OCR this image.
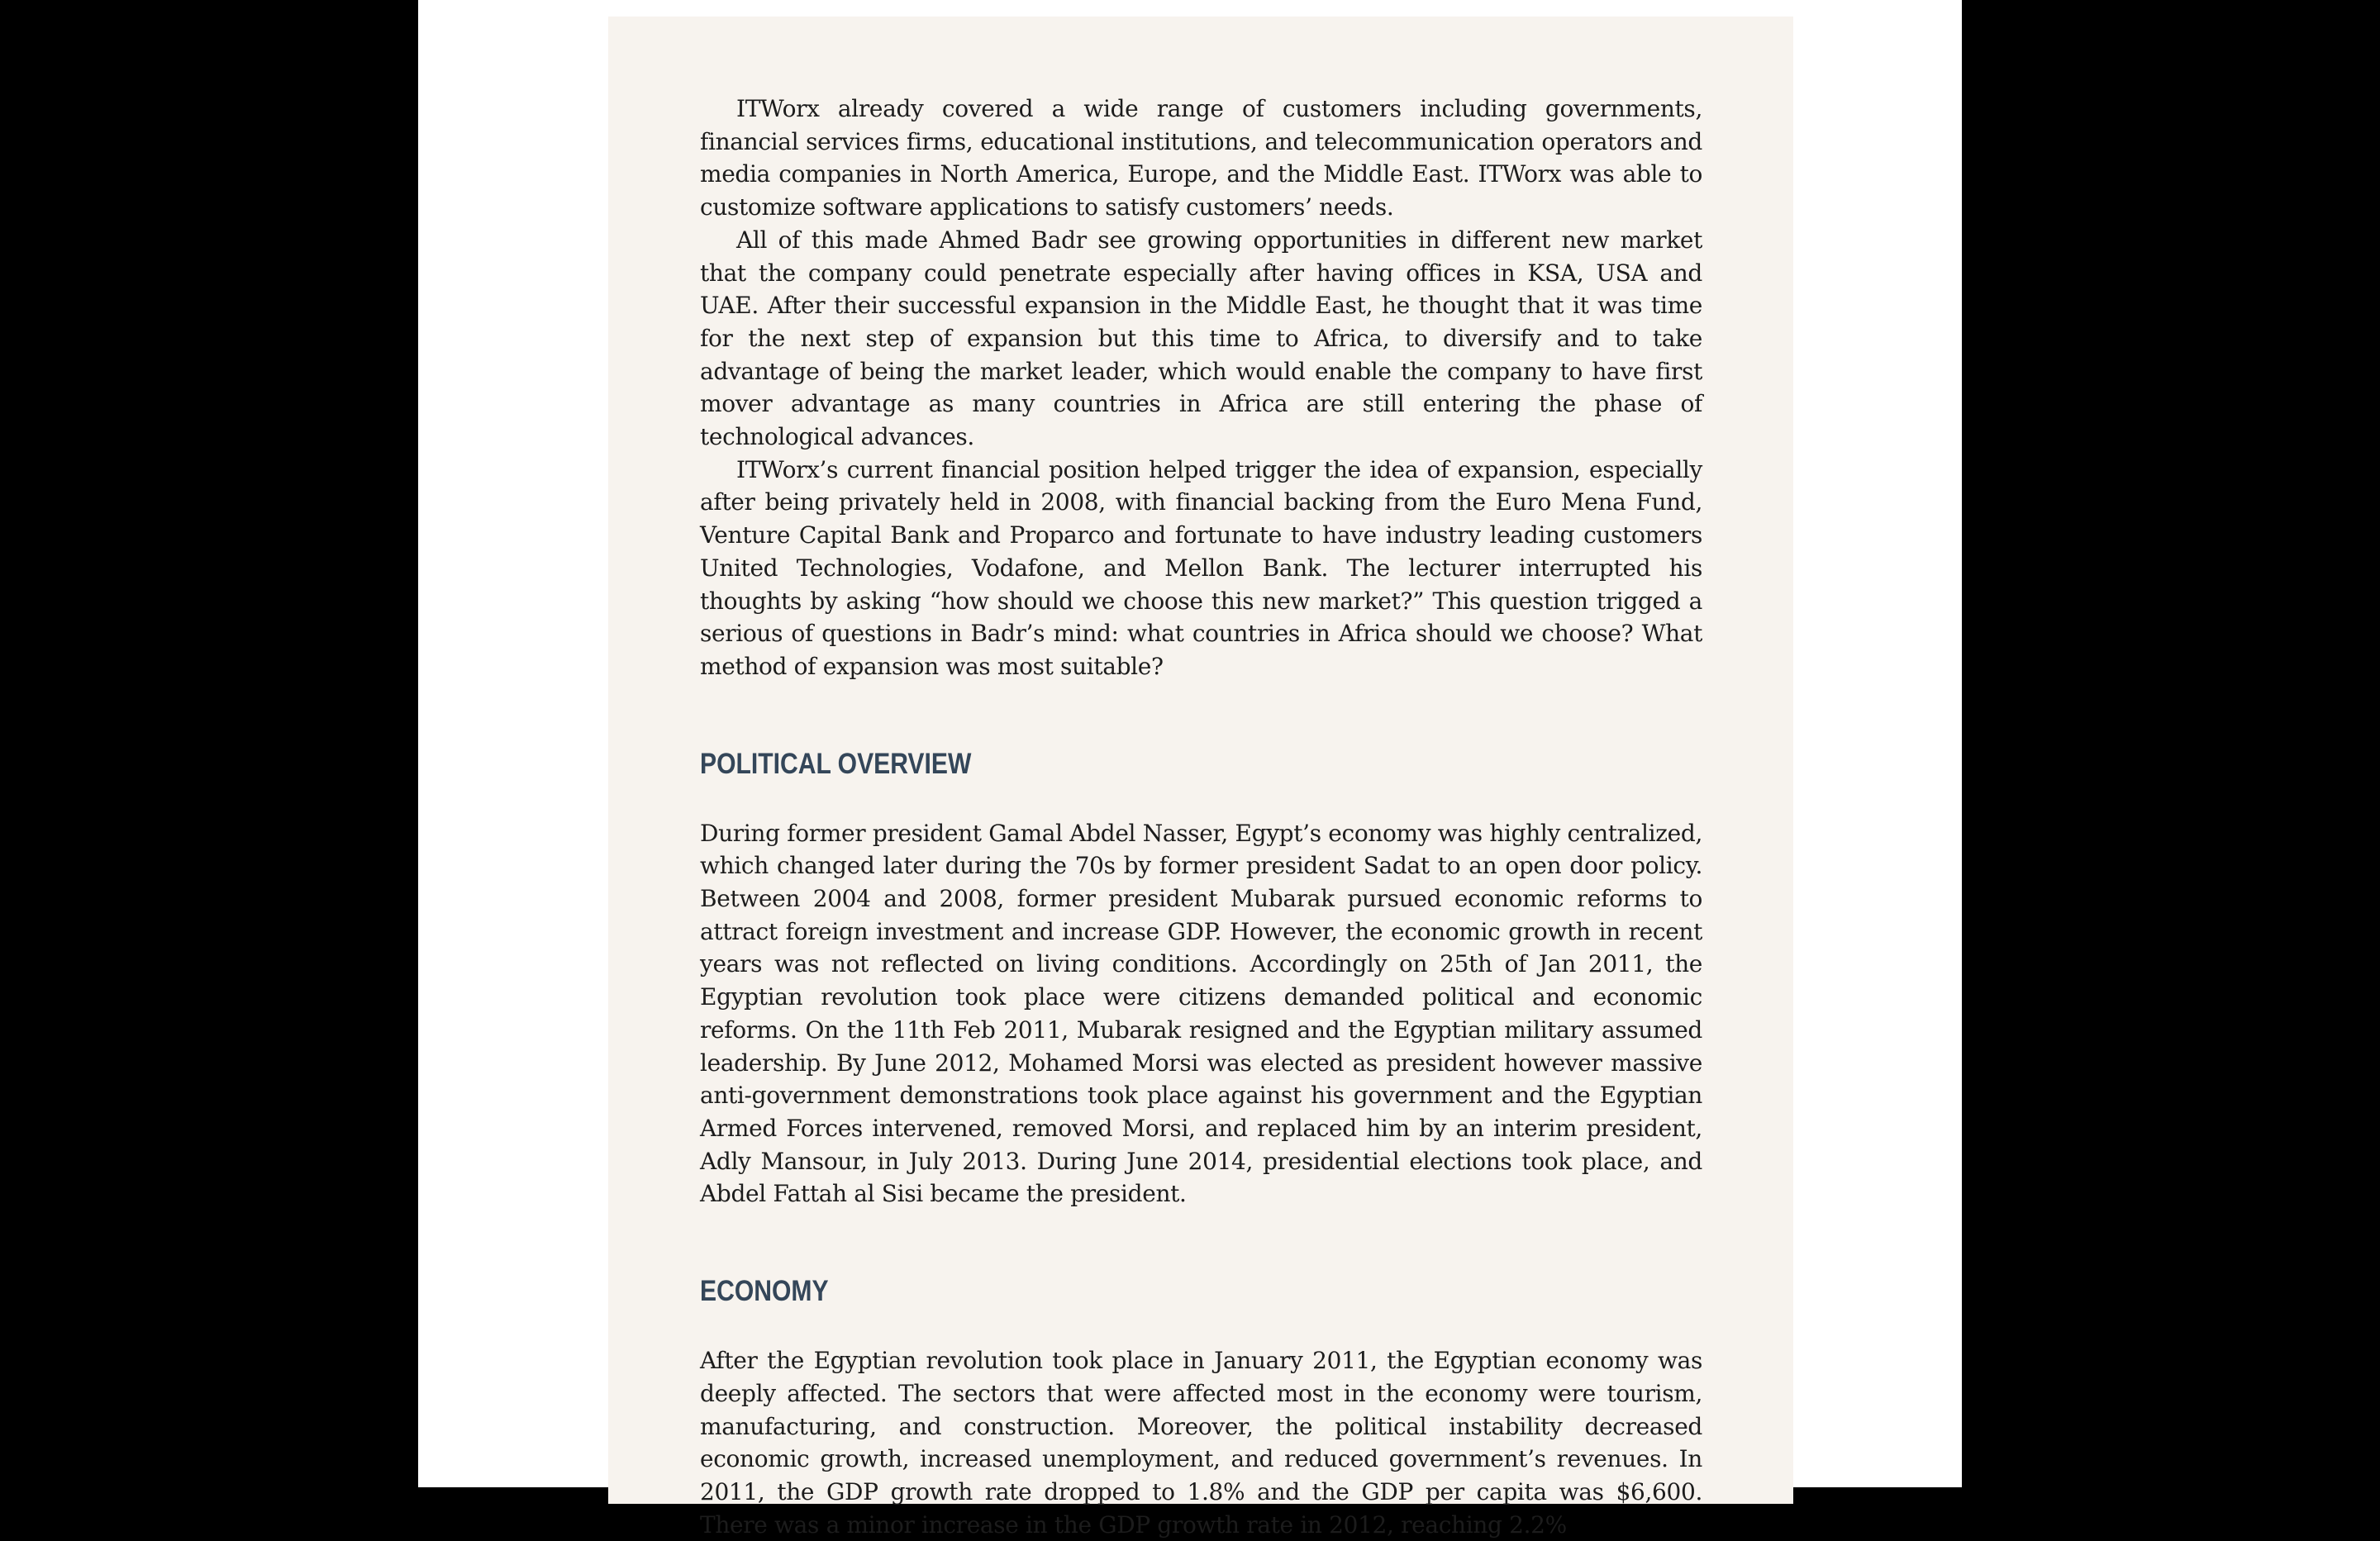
ITWorx already covered a wide range of customers including governments, financial services firms, educational institutions, and telecommunication operators and media companies in North America, Europe, and the Middle East. ITWorx was able to customize software applications to satisfy customers’ needs.

All of this made Ahmed Badr see growing opportunities in different new market that the company could penetrate especially after having offices in KSA, USA and UAE. After their successful expansion in the Middle East, he thought that it was time for the next step of expansion but this time to Africa, to diversify and to take advantage of being the market leader, which would enable the company to have first mover advantage as many countries in Africa are still entering the phase of technological advances.

ITWorx’s current financial position helped trigger the idea of expansion, especially after being privately held in 2008, with financial backing from the Euro Mena Fund, Venture Capital Bank and Proparco and fortunate to have industry leading customers United Technologies, Vodafone, and Mellon Bank. The lecturer interrupted his thoughts by asking “how should we choose this new market?” This question trigged a serious of questions in Badr’s mind: what countries in Africa should we choose? What method of expansion was most suitable?

POLITICAL OVERVIEW

During former president Gamal Abdel Nasser, Egypt’s economy was highly centralized, which changed later during the 70s by former president Sadat to an open door policy. Between 2004 and 2008, former president Mubarak pursued economic reforms to attract foreign investment and increase GDP. However, the economic growth in recent years was not reflected on living conditions. Accordingly on 25th of Jan 2011, the Egyptian revolution took place were citizens demanded political and economic reforms. On the 11th Feb 2011, Mubarak resigned and the Egyptian military assumed leadership. By June 2012, Mohamed Morsi was elected as president however massive anti-government demonstrations took place against his government and the Egyptian Armed Forces intervened, removed Morsi, and replaced him by an interim president, Adly Mansour, in July 2013. During June 2014, presidential elections took place, and Abdel Fattah al Sisi became the president.

ECONOMY

After the Egyptian revolution took place in January 2011, the Egyptian economy was deeply affected. The sectors that were affected most in the economy were tourism, manufacturing, and construction. Moreover, the political instability decreased economic growth, increased unemployment, and reduced government’s revenues. In 2011, the GDP growth rate dropped to 1.8% and the GDP per capita was $6,600. There was a minor increase in the GDP growth rate in 2012, reaching 2.2%
